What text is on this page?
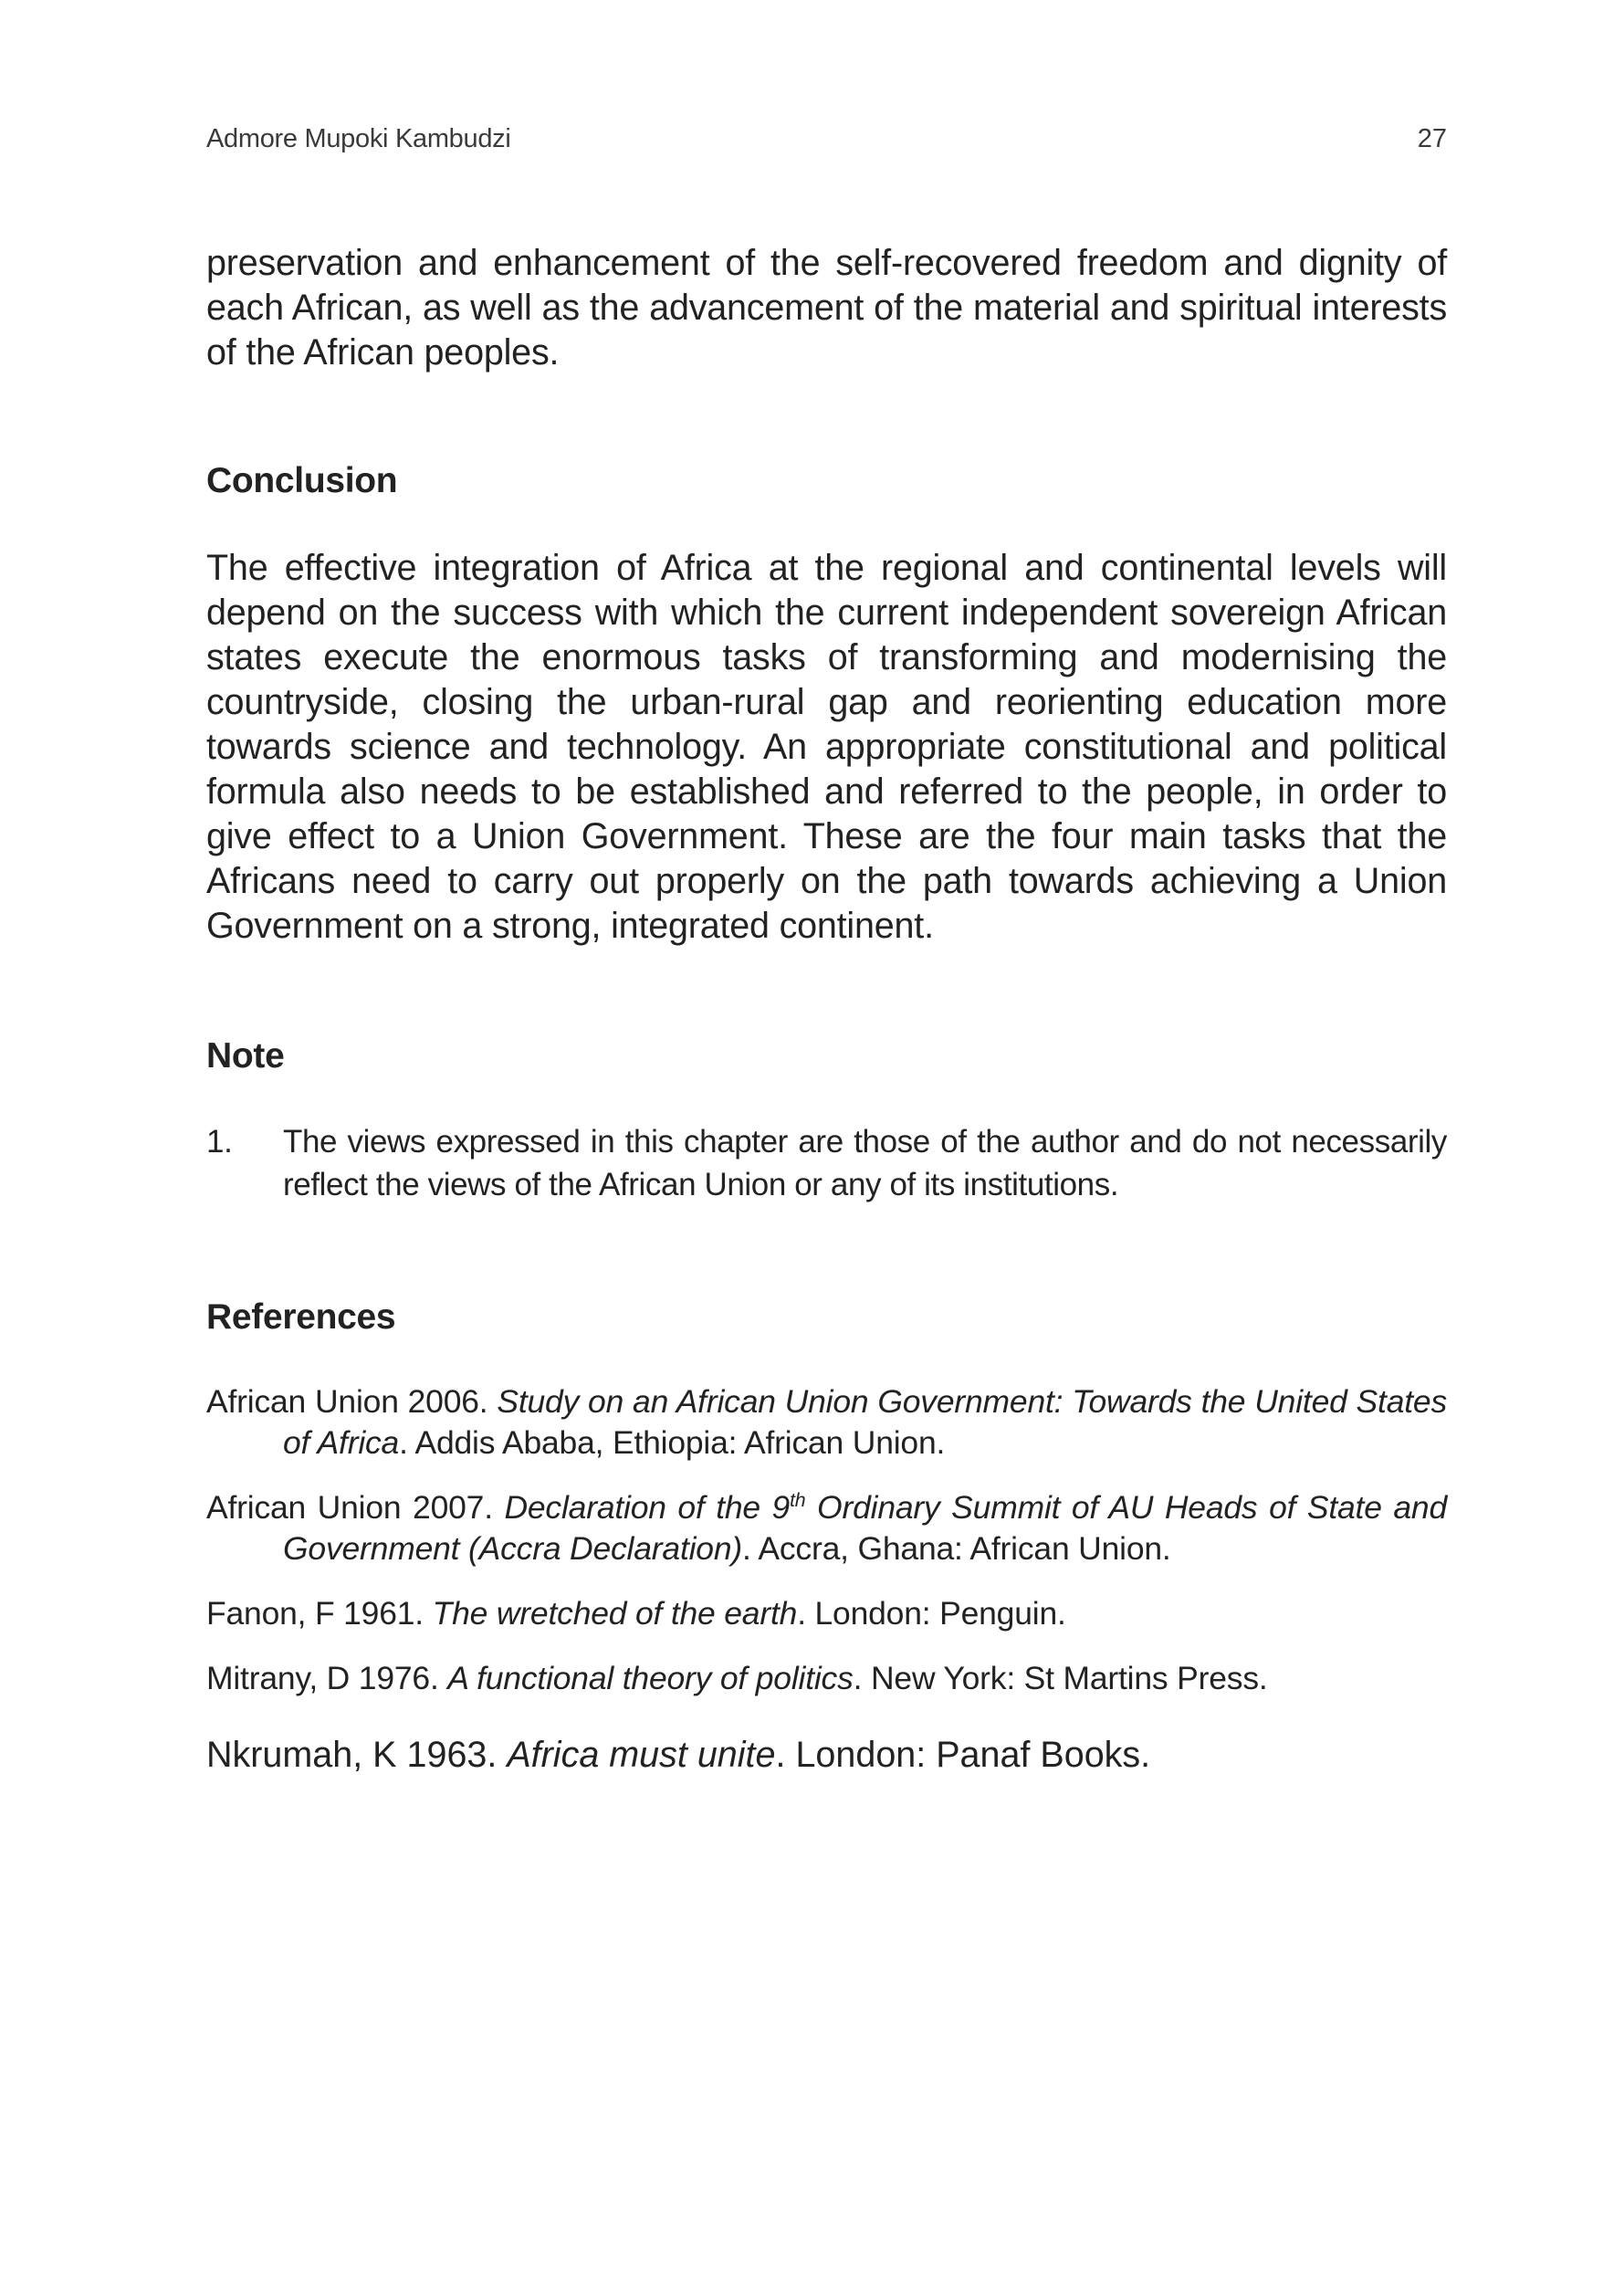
Admore Mupoki Kambudzi	27

preservation and enhancement of the self-recovered freedom and dignity of each African, as well as the advancement of the material and spiritual interests of the African peoples.

Conclusion

The effective integration of Africa at the regional and continental levels will depend on the success with which the current independent sovereign African states execute the enormous tasks of transforming and modernising the countryside, closing the urban-rural gap and reorienting education more towards science and technology. An appropriate constitutional and political formula also needs to be established and referred to the people, in order to give effect to a Union Government. These are the four main tasks that the Africans need to carry out properly on the path towards achieving a Union Government on a strong, integrated continent.

Note
1. The views expressed in this chapter are those of the author and do not necessarily reflect the views of the African Union or any of its institutions.
References

African Union 2006. Study on an African Union Government: Towards the United States of Africa. Addis Ababa, Ethiopia: African Union.

African Union 2007. Declaration of the 9th Ordinary Summit of AU Heads of State and Government (Accra Declaration). Accra, Ghana: African Union.

Fanon, F 1961. The wretched of the earth. London: Penguin.

Mitrany, D 1976. A functional theory of politics. New York: St Martins Press.

Nkrumah, K 1963. Africa must unite. London: Panaf Books.
